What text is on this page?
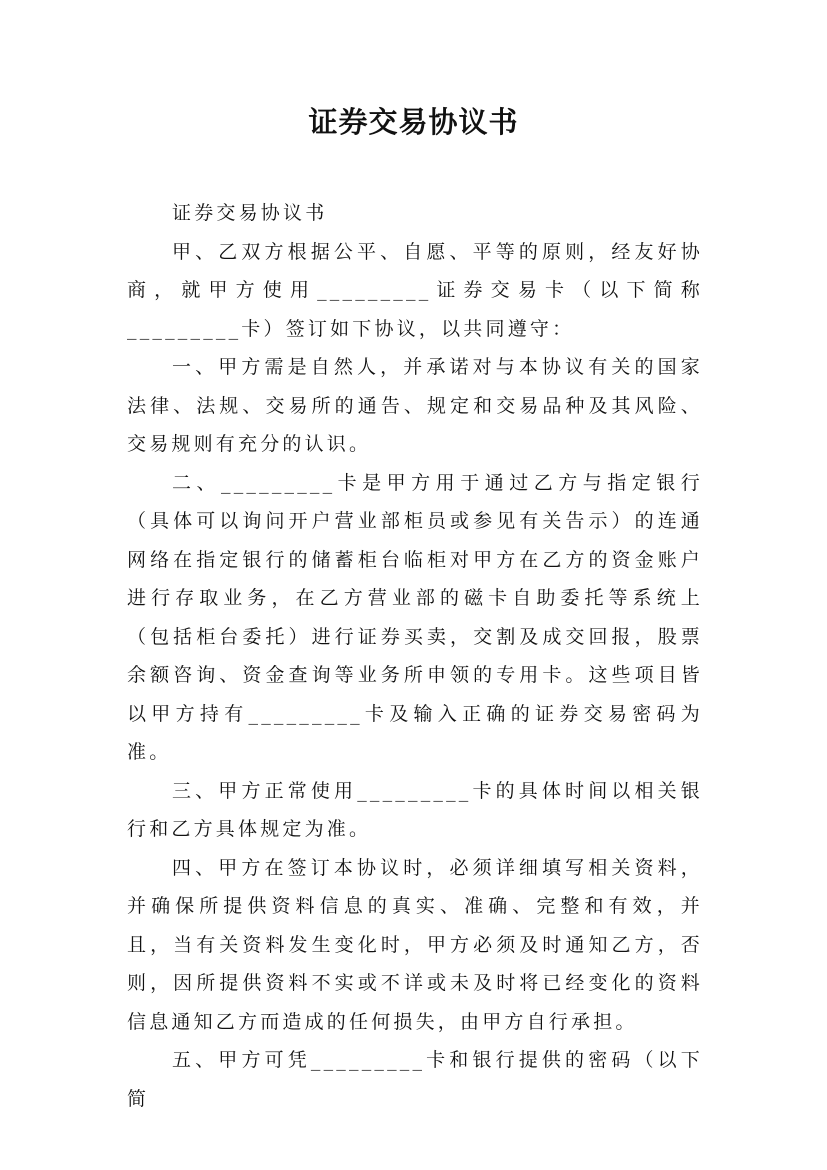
证券交易协议书

证券交易协议书

甲、乙双方根据公平、自愿、平等的原则，经友好协商，就甲方使用_________证券交易卡（以下简称_________卡）签订如下协议，以共同遵守：

一、甲方需是自然人，并承诺对与本协议有关的国家法律、法规、交易所的通告、规定和交易品种及其风险、交易规则有充分的认识。

二、_________卡是甲方用于通过乙方与指定银行（具体可以询问开户营业部柜员或参见有关告示）的连通网络在指定银行的储蓄柜台临柜对甲方在乙方的资金账户进行存取业务，在乙方营业部的磁卡自助委托等系统上（包括柜台委托）进行证券买卖，交割及成交回报，股票余额咨询、资金查询等业务所申领的专用卡。这些项目皆以甲方持有_________卡及输入正确的证券交易密码为准。

三、甲方正常使用_________卡的具体时间以相关银行和乙方具体规定为准。

四、甲方在签订本协议时，必须详细填写相关资料，并确保所提供资料信息的真实、准确、完整和有效，并且，当有关资料发生变化时，甲方必须及时通知乙方，否则，因所提供资料不实或不详或未及时将已经变化的资料信息通知乙方而造成的任何损失，由甲方自行承担。

五、甲方可凭_________卡和银行提供的密码（以下简
